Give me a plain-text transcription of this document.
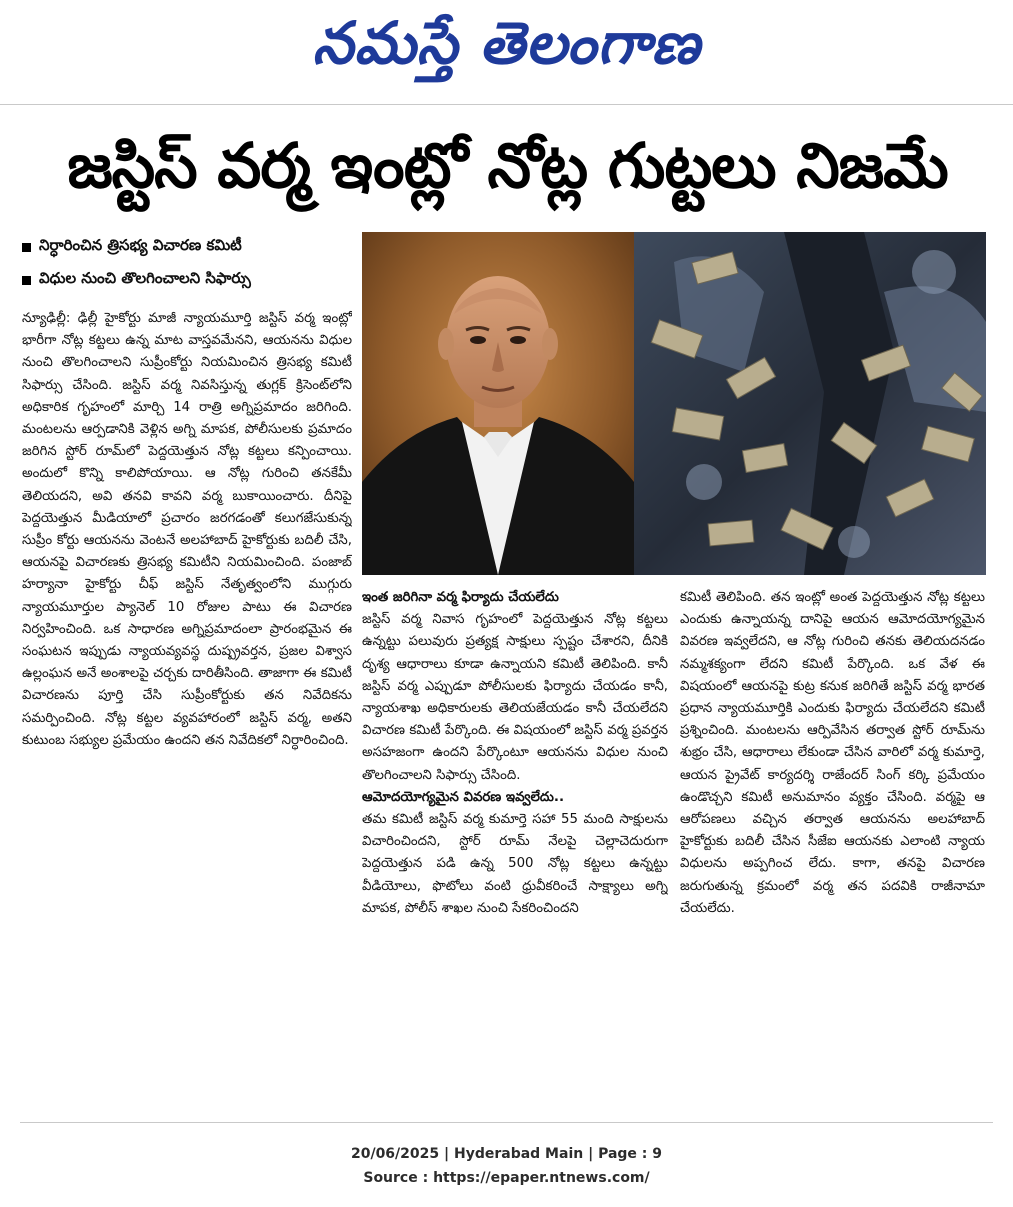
నమస్తే తెలంగాణ
జస్టిస్ వర్మ ఇంట్లో నోట్ల గుట్టలు నిజమే
నిర్ధారించిన త్రిసభ్య విచారణ కమిటీ
విధుల నుంచి తొలగించాలని సిఫార్సు
న్యూఢిల్లీ: ఢిల్లీ హైకోర్టు మాజీ న్యాయమూర్తి జస్టిస్ వర్మ ఇంట్లో భారీగా నోట్ల కట్టలు ఉన్న మాట వాస్తవమేనని, ఆయనను విధుల నుంచి తొలగించాలని సుప్రీంకోర్టు నియమించిన త్రిసభ్య కమిటీ సిఫార్సు చేసింది. జస్టిస్ వర్మ నివసిస్తున్న తుగ్లక్ క్రిసెంట్‌లోని అధికారిక గృహంలో మార్చి 14 రాత్రి అగ్నిప్రమాదం జరిగింది. మంటలను ఆర్పడానికి వెళ్లిన అగ్ని మాపక, పోలీసులకు ప్రమాదం జరిగిన స్టోర్ రూమ్‌లో పెద్దయెత్తున నోట్ల కట్టలు కన్పించాయి. అందులో కొన్ని కాలిపోయాయి. ఆ నోట్ల గురించి తనకేమీ తెలియదని, అవి తనవి కావని వర్మ బుకాయించారు. దీనిపై పెద్దయెత్తున మీడియాలో ప్రచారం జరగడంతో కలుగజేసుకున్న సుప్రీం కోర్టు ఆయనను వెంటనే అలహాబాద్ హైకోర్టుకు బదిలీ చేసి, ఆయనపై విచారణకు త్రిసభ్య కమిటీని నియమించింది. పంజాబ్ హర్యానా హైకోర్టు చీఫ్ జస్టిస్ నేతృత్వంలోని ముగ్గురు న్యాయమూర్తుల ప్యానెల్ 10 రోజుల పాటు ఈ విచారణ నిర్వహించింది. ఒక సాధారణ అగ్నిప్రమాదంలా ప్రారంభమైన ఈ సంఘటన ఇప్పుడు న్యాయవ్యవస్థ దుష్ప్రవర్తన, ప్రజల విశ్వాస ఉల్లంఘన అనే అంశాలపై చర్చకు దారితీసింది. తాజాగా ఈ కమిటీ విచారణను పూర్తి చేసి సుప్రీంకోర్టుకు తన నివేదికను సమర్పించింది. నోట్ల కట్టల వ్యవహారంలో జస్టిస్ వర్మ, అతని కుటుంబ సభ్యుల ప్రమేయం ఉందని తన నివేదికలో నిర్ధారించింది.
ఇంత జరిగినా వర్మ ఫిర్యాదు చేయలేదు
జస్టిస్ వర్మ నివాస గృహంలో పెద్దయెత్తున నోట్ల కట్టలు ఉన్నట్టు పలువురు ప్రత్యక్ష సాక్షులు స్పష్టం చేశారని, దీనికి దృశ్య ఆధారాలు కూడా ఉన్నాయని కమిటీ తెలిపింది. కానీ జస్టిస్ వర్మ ఎప్పుడూ పోలీసులకు ఫిర్యాదు చేయడం కానీ, న్యాయశాఖ అధికారులకు తెలియజేయడం కానీ చేయలేదని విచారణ కమిటీ పేర్కొంది. ఈ విషయంలో జస్టిస్ వర్మ ప్రవర్తన అసహజంగా ఉందని పేర్కొంటూ ఆయనను విధుల నుంచి తొలగించాలని సిఫార్సు చేసింది.
ఆమోదయోగ్యమైన వివరణ ఇవ్వలేదు..
తమ కమిటీ జస్టిస్ వర్మ కుమార్తె సహా 55 మంది సాక్షులను విచారించిందని, స్టోర్ రూమ్ నేలపై చెల్లాచెదురుగా పెద్దయెత్తున పడి ఉన్న 500 నోట్ల కట్టలు ఉన్నట్టు వీడియోలు, ఫొటోలు వంటి ధ్రువీకరించే సాక్ష్యాలు అగ్ని మాపక, పోలీస్ శాఖల నుంచి సేకరించిందని
కమిటీ తెలిపింది. తన ఇంట్లో అంత పెద్దయెత్తున నోట్ల కట్టలు ఎందుకు ఉన్నాయన్న దానిపై ఆయన ఆమోదయోగ్యమైన వివరణ ఇవ్వలేదని, ఆ నోట్ల గురించి తనకు తెలియదనడం నమ్మశక్యంగా లేదని కమిటీ పేర్కొంది. ఒక వేళ ఈ విషయంలో ఆయనపై కుట్ర కనుక జరిగితే జస్టిస్ వర్మ భారత ప్రధాన న్యాయమూర్తికి ఎందుకు ఫిర్యాదు చేయలేదని కమిటీ ప్రశ్నించింది. మంటలను ఆర్పివేసిన తర్వాత స్టోర్ రూమ్‌ను శుభ్రం చేసి, ఆధారాలు లేకుండా చేసిన వారిలో వర్మ కుమార్తె, ఆయన ప్రైవేట్ కార్యదర్శి రాజేందర్ సింగ్ కర్కి ప్రమేయం ఉండొచ్చని కమిటీ అనుమానం వ్యక్తం చేసింది. వర్మపై ఆ ఆరోపణలు వచ్చిన తర్వాత ఆయనను అలహాబాద్ హైకోర్టుకు బదిలీ చేసిన సీజేఐ ఆయనకు ఎలాంటి న్యాయ విధులను అప్పగించ లేదు. కాగా, తనపై విచారణ జరుగుతున్న క్రమంలో వర్మ తన పదవికి రాజీనామా చేయలేదు.
20/06/2025 | Hyderabad Main | Page : 9
Source : https://epaper.ntnews.com/
